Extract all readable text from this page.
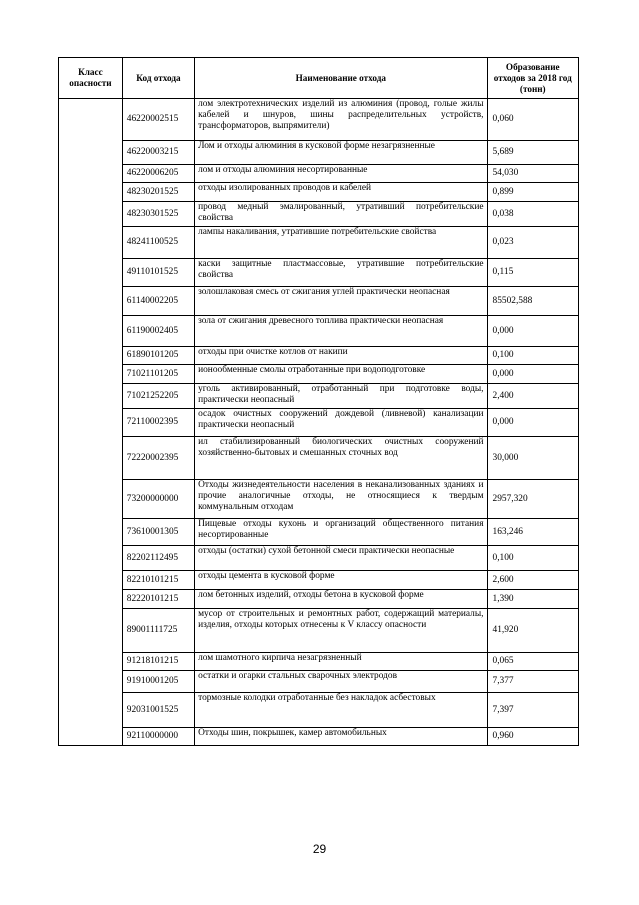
Класс опасности	Код отхода	Наименование отхода	Образование отходов за 2018 год (тонн)
	46220002515	лом электротехнических изделий из алюминия (провод, голые жилы кабелей и шнуров, шины распределительных устройств, трансформаторов, выпрямители)	0,060
	46220003215	Лом и отходы алюминия в кусковой форме незагрязненные	5,689
	46220006205	лом и отходы алюминия несортированные	54,030
	48230201525	отходы изолированных проводов и кабелей	0,899
	48230301525	провод медный эмалированный, утративший потребительские свойства	0,038
	48241100525	лампы накаливания, утратившие потребительские свойства	0,023
	49110101525	каски защитные пластмассовые, утратившие потребительские свойства	0,115
	61140002205	золошлаковая смесь от сжигания углей практически неопасная	85502,588
	61190002405	зола от сжигания древесного топлива практически неопасная	0,000
	61890101205	отходы при очистке котлов от накипи	0,100
	71021101205	ионообменные смолы отработанные при водоподготовке	0,000
	71021252205	уголь активированный, отработанный при подготовке воды, практически неопасный	2,400
	72110002395	осадок очистных сооружений дождевой (ливневой) канализации практически неопасный	0,000
	72220002395	ил стабилизированный биологических очистных сооружений хозяйственно-бытовых и смешанных сточных вод	30,000
	73200000000	Отходы жизнедеятельности населения в неканализованных зданиях и прочие аналогичные отходы, не относящиеся к твердым коммунальным отходам	2957,320
	73610001305	Пищевые отходы кухонь и организаций общественного питания несортированные	163,246
	82202112495	отходы (остатки) сухой бетонной смеси практически неопасные	0,100
	82210101215	отходы цемента в кусковой форме	2,600
	82220101215	лом бетонных изделий, отходы бетона в кусковой форме	1,390
	89001111725	мусор от строительных и ремонтных работ, содержащий материалы, изделия, отходы которых отнесены к V классу опасности	41,920
	91218101215	лом шамотного кирпича незагрязненный	0,065
	91910001205	остатки и огарки стальных сварочных электродов	7,377
	92031001525	тормозные колодки отработанные без накладок асбестовых	7,397
	92110000000	Отходы шин, покрышек, камер автомобильных	0,960
29
